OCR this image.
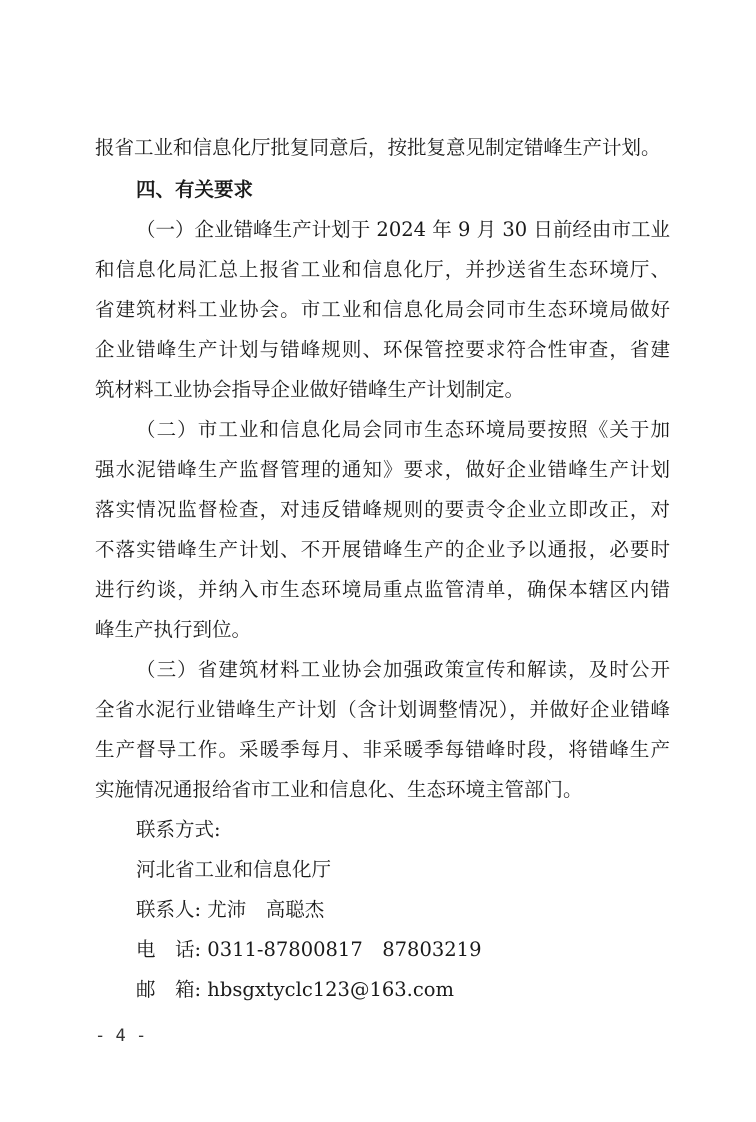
报省工业和信息化厅批复同意后，按批复意见制定错峰生产计划。
四、有关要求
（一）企业错峰生产计划于 2024 年 9 月 30 日前经由市工业
和信息化局汇总上报省工业和信息化厅，并抄送省生态环境厅、
省建筑材料工业协会。市工业和信息化局会同市生态环境局做好
企业错峰生产计划与错峰规则、环保管控要求符合性审查，省建
筑材料工业协会指导企业做好错峰生产计划制定。
（二）市工业和信息化局会同市生态环境局要按照《关于加
强水泥错峰生产监督管理的通知》要求，做好企业错峰生产计划
落实情况监督检查，对违反错峰规则的要责令企业立即改正，对
不落实错峰生产计划、不开展错峰生产的企业予以通报，必要时
进行约谈，并纳入市生态环境局重点监管清单，确保本辖区内错
峰生产执行到位。
（三）省建筑材料工业协会加强政策宣传和解读，及时公开
全省水泥行业错峰生产计划（含计划调整情况），并做好企业错峰
生产督导工作。采暖季每月、非采暖季每错峰时段，将错峰生产
实施情况通报给省市工业和信息化、生态环境主管部门。
联系方式:
河北省工业和信息化厅
联系人: 尤沛　高聪杰
电　话: 0311-87800817　87803219
邮　箱: hbsgxtyclc123@163.com
- 4 -
